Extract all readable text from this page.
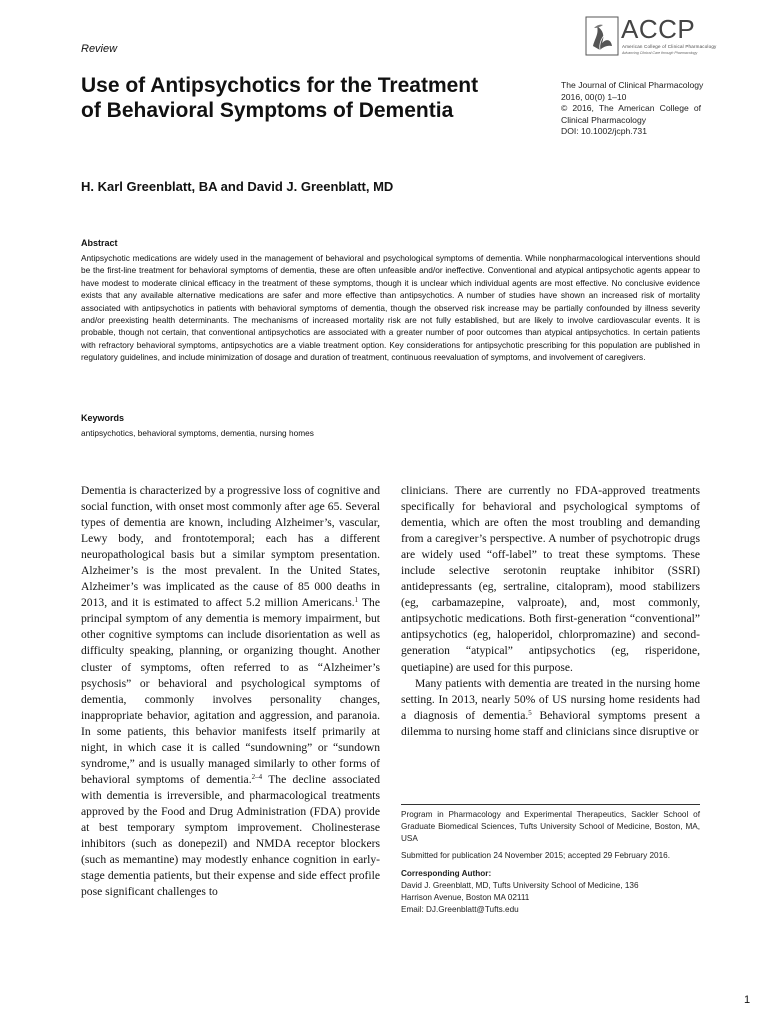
Review
ACCP
American College of Clinical Pharmacology
Advancing Clinical Care through Pharmacology
Use of Antipsychotics for the Treatment of Behavioral Symptoms of Dementia
The Journal of Clinical Pharmacology
2016, 00(0) 1–10
© 2016, The American College of
Clinical Pharmacology
DOI: 10.1002/jcph.731
H. Karl Greenblatt, BA and David J. Greenblatt, MD
Abstract

Antipsychotic medications are widely used in the management of behavioral and psychological symptoms of dementia. While nonpharmacological interventions should be the first-line treatment for behavioral symptoms of dementia, these are often unfeasible and/or ineffective. Conventional and atypical antipsychotic agents appear to have modest to moderate clinical efficacy in the treatment of these symptoms, though it is unclear which individual agents are most effective. No conclusive evidence exists that any available alternative medications are safer and more effective than antipsychotics. A number of studies have shown an increased risk of mortality associated with antipsychotics in patients with behavioral symptoms of dementia, though the observed risk increase may be partially confounded by illness severity and/or preexisting health determinants. The mechanisms of increased mortality risk are not fully established, but are likely to involve cardiovascular events. It is probable, though not certain, that conventional antipsychotics are associated with a greater number of poor outcomes than atypical antipsychotics. In certain patients with refractory behavioral symptoms, antipsychotics are a viable treatment option. Key considerations for antipsychotic prescribing for this population are published in regulatory guidelines, and include minimization of dosage and duration of treatment, continuous reevaluation of symptoms, and involvement of caregivers.

Keywords

antipsychotics, behavioral symptoms, dementia, nursing homes

Dementia is characterized by a progressive loss of cognitive and social function, with onset most commonly after age 65. Several types of dementia are known, including Alzheimer’s, vascular, Lewy body, and frontotemporal; each has a different neuropathological basis but a similar symptom presentation. Alzheimer’s is the most prevalent. In the United States, Alzheimer’s was implicated as the cause of 85 000 deaths in 2013, and it is estimated to affect 5.2 million Americans.$^1$ The principal symptom of any dementia is memory impairment, but other cognitive symptoms can include disorientation as well as difficulty speaking, planning, or organizing thought. Another cluster of symptoms, often referred to as “Alzheimer’s psychosis” or behavioral and psychological symptoms of dementia, commonly involves personality changes, inappropriate behavior, agitation and aggression, and paranoia. In some patients, this behavior manifests itself primarily at night, in which case it is called “sundowning” or “sundown syndrome,” and is usually managed similarly to other forms of behavioral symptoms of dementia.$^{2-4}$ The decline associated with dementia is irreversible, and pharmacological treatments approved by the Food and Drug Administration (FDA) provide at best temporary symptom improvement. Cholinesterase inhibitors (such as donepezil) and NMDA receptor blockers (such as memantine) may modestly enhance cognition in early-stage dementia patients, but their expense and side effect profile pose significant challenges to

clinicians. There are currently no FDA-approved treatments specifically for behavioral and psychological symptoms of dementia, which are often the most troubling and demanding from a caregiver’s perspective. A number of psychotropic drugs are widely used “off-label” to treat these symptoms. These include selective serotonin reuptake inhibitor (SSRI) antidepressants (eg, sertraline, citalopram), mood stabilizers (eg, carbamazepine, valproate), and, most commonly, antipsychotic medications. Both first-generation “conventional” antipsychotics (eg, haloperidol, chlorpromazine) and second-generation “atypical” antipsychotics (eg, risperidone, quetiapine) are used for this purpose.

Many patients with dementia are treated in the nursing home setting. In 2013, nearly 50% of US nursing home residents had a diagnosis of dementia.$^5$ Behavioral symptoms present a dilemma to nursing home staff and clinicians since disruptive or

Program in Pharmacology and Experimental Therapeutics, Sackler School of Graduate Biomedical Sciences, Tufts University School of Medicine, Boston, MA, USA

Submitted for publication 24 November 2015; accepted 29 February 2016.

Corresponding Author:
David J. Greenblatt, MD, Tufts University School of Medicine, 136
Harrison Avenue, Boston MA 02111
Email: DJ.Greenblatt@Tufts.edu
1
